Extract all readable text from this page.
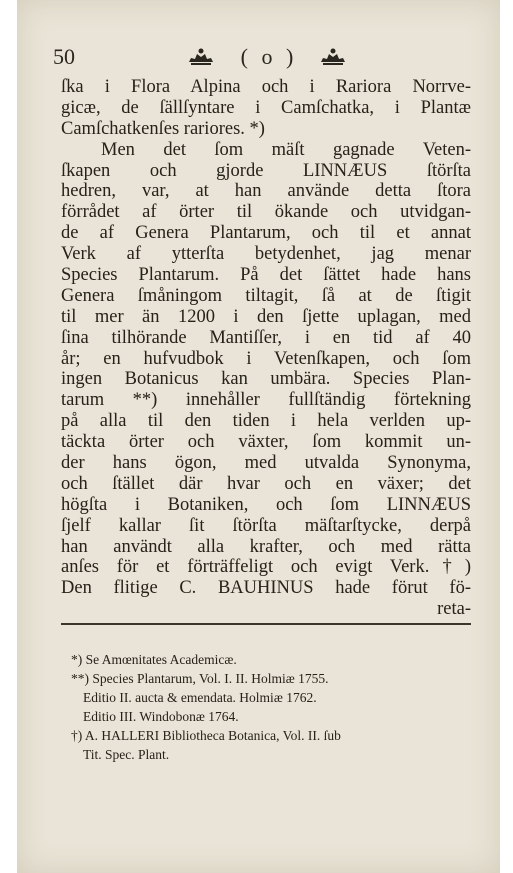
50	( o )
ſka i Flora Alpina och i Rariora Norrve-
gicæ, de ſällſyntare i Camſchatka, i Plantæ
Camſchatkenſes rariores. *)
Men det ſom mäſt gagnade Veten-
ſkapen och gjorde LINNÆUS ſtörſta
hedren, var, at han använde detta ſtora
förrådet af örter til ökande och utvidgan-
de af Genera Plantarum, och til et annat
Verk af ytterſta betydenhet, jag menar
Species Plantarum. På det ſättet hade hans
Genera ſmåningom tiltagit, ſå at de ſtigit
til mer än 1200 i den ſjette uplagan, med
ſina tilhörande Mantiſſer, i en tid af 40
år; en hufvudbok i Vetenſkapen, och ſom
ingen Botanicus kan umbära. Species Plan-
tarum **) innehåller fullſtändig förtekning
på alla til den tiden i hela verlden up-
täckta örter och växter, ſom kommit un-
der hans ögon, med utvalda Synonyma,
och ſtället där hvar och en växer; det
högſta i Botaniken, och ſom LINNÆUS
ſjelf kallar ſit ſtörſta mäſtarſtycke, derpå
han användt alla krafter, och med rätta
anſes för et förträffeligt och evigt Verk.†)
Den flitige C. BAUHINUS hade förut fö-
reta-
*) Se Amœnitates Academicæ.
**) Species Plantarum, Vol. I. II. Holmiæ 1755.
Editio II. aucta & emendata. Holmiæ 1762.
Editio III. Windobonæ 1764.
†) A. HALLERI Bibliotheca Botanica, Vol. II. ſub
Tit. Spec. Plant.
